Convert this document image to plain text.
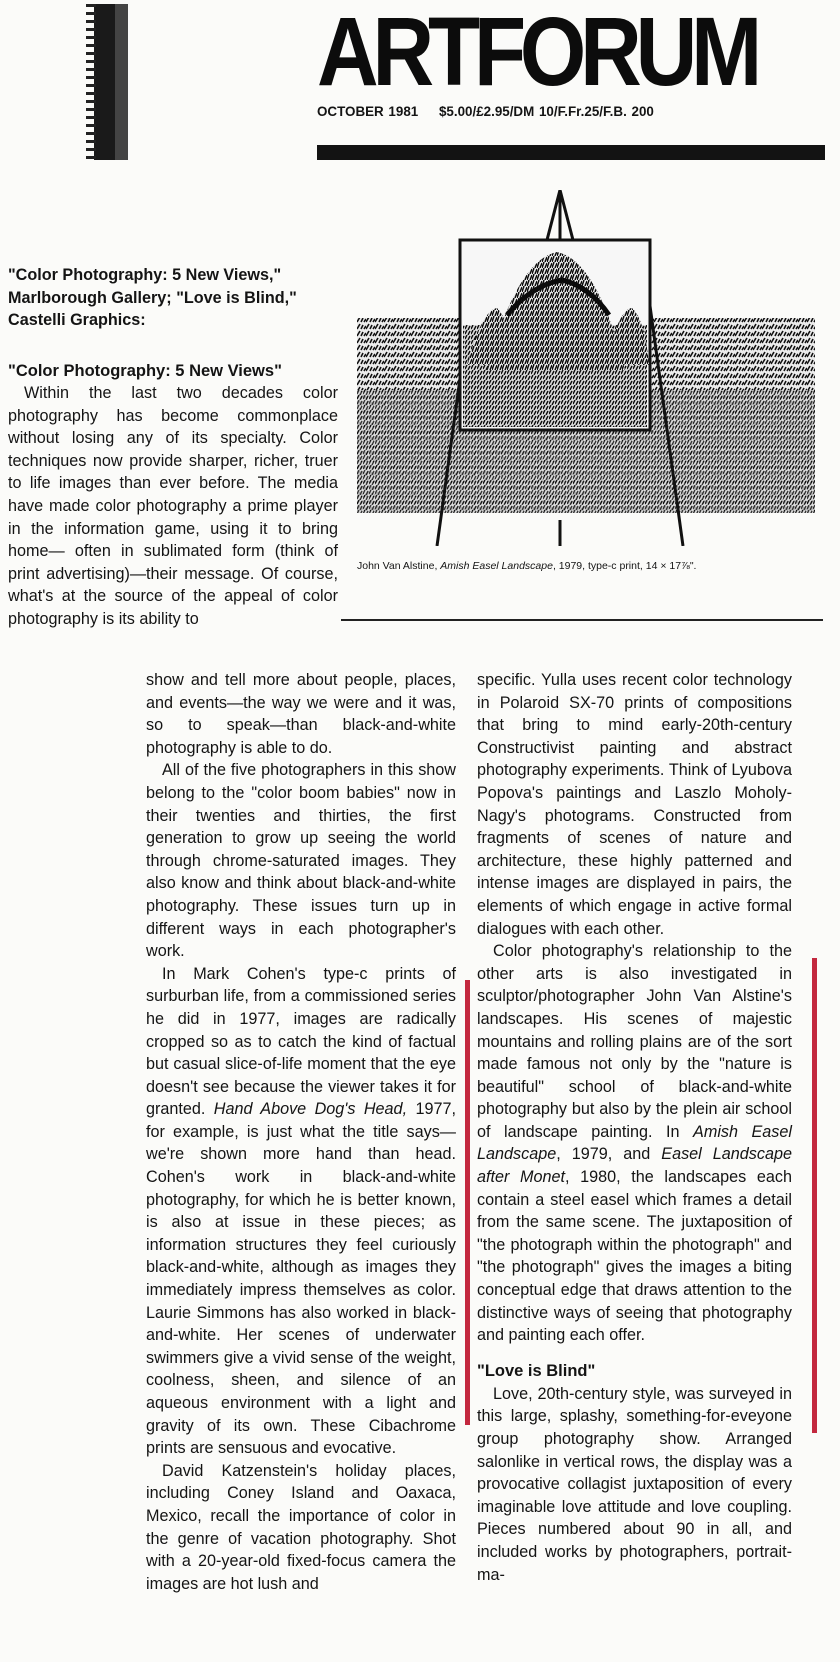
ARTFORUM
OCTOBER 1981 $5.00/£2.95/DM 10/F.Fr.25/F.B. 200
"Color Photography: 5 New Views," Marlborough Gallery; "Love is Blind," Castelli Graphics:
"Color Photography: 5 New Views"

Within the last two decades color photography has become commonplace without losing any of its specialty. Color techniques now provide sharper, richer, truer to life images than ever before. The media have made color photography a prime player in the information game, using it to bring home— often in sublimated form (think of print advertising)—their message. Of course, what's at the source of the appeal of color photography is its ability to

John Van Alstine, Amish Easel Landscape, 1979, type-c print, 14 × 17⅞".

show and tell more about people, places, and events—the way we were and it was, so to speak—than black-and-white photography is able to do.

All of the five photographers in this show belong to the "color boom babies" now in their twenties and thirties, the first generation to grow up seeing the world through chrome-saturated images. They also know and think about black-and-white photography. These issues turn up in different ways in each photographer's work.

In Mark Cohen's type-c prints of surburban life, from a commissioned series he did in 1977, images are radically cropped so as to catch the kind of factual but casual slice-of-life moment that the eye doesn't see because the viewer takes it for granted. Hand Above Dog's Head, 1977, for example, is just what the title says—we're shown more hand than head. Cohen's work in black-and-white photography, for which he is better known, is also at issue in these pieces; as information structures they feel curiously black-and-white, although as images they immediately impress themselves as color. Laurie Simmons has also worked in black-and-white. Her scenes of underwater swimmers give a vivid sense of the weight, coolness, sheen, and silence of an aqueous environment with a light and gravity of its own. These Cibachrome prints are sensuous and evocative.

David Katzenstein's holiday places, including Coney Island and Oaxaca, Mexico, recall the importance of color in the genre of vacation photography. Shot with a 20-year-old fixed-focus camera the images are hot lush and

specific. Yulla uses recent color technology in Polaroid SX-70 prints of compositions that bring to mind early-20th-century Constructivist painting and abstract photography experiments. Think of Lyubova Popova's paintings and Laszlo Moholy-Nagy's photograms. Constructed from fragments of scenes of nature and architecture, these highly patterned and intense images are displayed in pairs, the elements of which engage in active formal dialogues with each other.

Color photography's relationship to the other arts is also investigated in sculptor/photographer John Van Alstine's landscapes. His scenes of majestic mountains and rolling plains are of the sort made famous not only by the "nature is beautiful" school of black-and-white photography but also by the plein air school of landscape painting. In Amish Easel Landscape, 1979, and Easel Landscape after Monet, 1980, the landscapes each contain a steel easel which frames a detail from the same scene. The juxtaposition of "the photograph within the photograph" and "the photograph" gives the images a biting conceptual edge that draws attention to the distinctive ways of seeing that photography and painting each offer.

"Love is Blind"

Love, 20th-century style, was surveyed in this large, splashy, something-for-eveyone group photography show. Arranged salonlike in vertical rows, the display was a provocative collagist juxtaposition of every imaginable love attitude and love coupling. Pieces numbered about 90 in all, and included works by photographers, portrait-ma-
